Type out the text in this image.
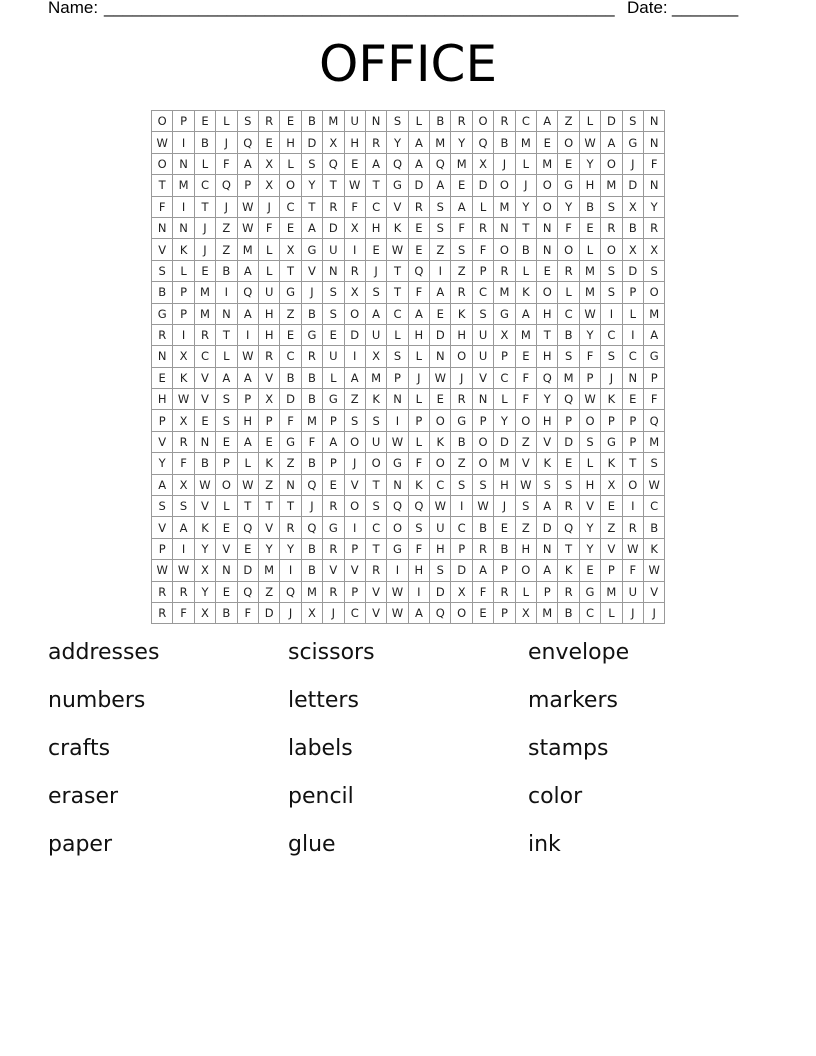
Name: ______________________________________________________ Date: _______
OFFICE
O	P	E	L	S	R	E	B	M	U	N	S	L	B	R	O	R	C	A	Z	L	D	S	N
W	I	B	J	Q	E	H	D	X	H	R	Y	A	M	Y	Q	B	M	E	O	W	A	G	N
O	N	L	F	A	X	L	S	Q	E	A	Q	A	Q	M	X	J	L	M	E	Y	O	J	F
T	M	C	Q	P	X	O	Y	T	W	T	G	D	A	E	D	O	J	O	G	H	M	D	N
F	I	T	J	W	J	C	T	R	F	C	V	R	S	A	L	M	Y	O	Y	B	S	X	Y
N	N	J	Z	W	F	E	A	D	X	H	K	E	S	F	R	N	T	N	F	E	R	B	R
V	K	J	Z	M	L	X	G	U	I	E	W	E	Z	S	F	O	B	N	O	L	O	X	X
S	L	E	B	A	L	T	V	N	R	J	T	Q	I	Z	P	R	L	E	R	M	S	D	S
B	P	M	I	Q	U	G	J	S	X	S	T	F	A	R	C	M	K	O	L	M	S	P	O
G	P	M	N	A	H	Z	B	S	O	A	C	A	E	K	S	G	A	H	C	W	I	L	M
R	I	R	T	I	H	E	G	E	D	U	L	H	D	H	U	X	M	T	B	Y	C	I	A
N	X	C	L	W	R	C	R	U	I	X	S	L	N	O	U	P	E	H	S	F	S	C	G
E	K	V	A	A	V	B	B	L	A	M	P	J	W	J	V	C	F	Q	M	P	J	N	P
H	W	V	S	P	X	D	B	G	Z	K	N	L	E	R	N	L	F	Y	Q	W	K	E	F
P	X	E	S	H	P	F	M	P	S	S	I	P	O	G	P	Y	O	H	P	O	P	P	Q
V	R	N	E	A	E	G	F	A	O	U	W	L	K	B	O	D	Z	V	D	S	G	P	M
Y	F	B	P	L	K	Z	B	P	J	O	G	F	O	Z	O	M	V	K	E	L	K	T	S
A	X	W	O	W	Z	N	Q	E	V	T	N	K	C	S	S	H	W	S	S	H	X	O	W
S	S	V	L	T	T	T	J	R	O	S	Q	Q	W	I	W	J	S	A	R	V	E	I	C
V	A	K	E	Q	V	R	Q	G	I	C	O	S	U	C	B	E	Z	D	Q	Y	Z	R	B
P	I	Y	V	E	Y	Y	B	R	P	T	G	F	H	P	R	B	H	N	T	Y	V	W	K
W	W	X	N	D	M	I	B	V	V	R	I	H	S	D	A	P	O	A	K	E	P	F	W
R	R	Y	E	Q	Z	Q	M	R	P	V	W	I	D	X	F	R	L	P	R	G	M	U	V
R	F	X	B	F	D	J	X	J	C	V	W	A	Q	O	E	P	X	M	B	C	L	J	J
addresses	scissors	envelope
numbers	letters	markers
crafts	labels	stamps
eraser	pencil	color
paper	glue	ink
